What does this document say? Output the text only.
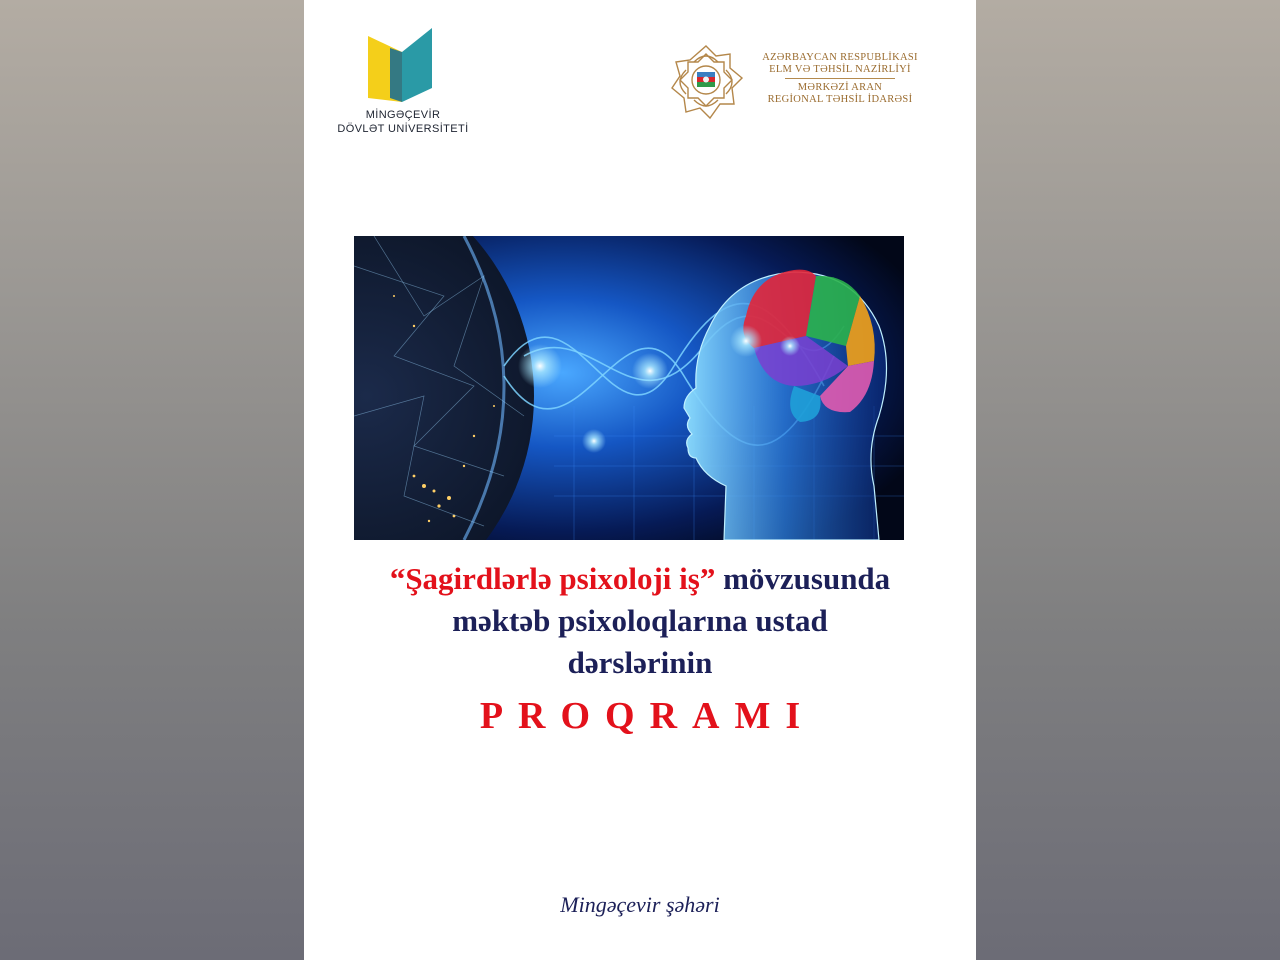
MİNGƏÇEVİR
DÖVLƏT UNİVERSİTETİ
AZƏRBAYCAN RESPUBLİKASI
ELM VƏ TƏHSİL NAZİRLİYİ
MƏRKƏZİ ARAN
REGİONAL TƏHSİL İDARƏSİ
“Şagirdlərlə psixoloji iş” mövzusunda
məktəb psixoloqlarına ustad
dərslərinin
PROQRAMI
Mingəçevir şəhəri
